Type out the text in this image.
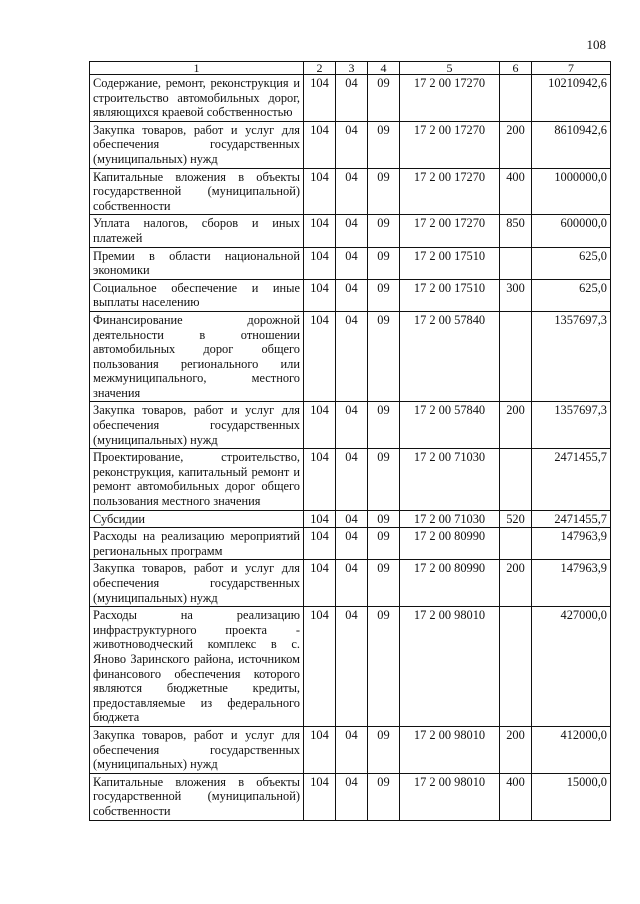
108
1	2	3	4	5	6	7
Содержание, ремонт, реконструкция и строительство автомобильных дорог, являющихся краевой собственностью	104	04	09	17 2 00 17270		10210942,6
Закупка товаров, работ и услуг для обеспечения государственных (муниципальных) нужд	104	04	09	17 2 00 17270	200	8610942,6
Капитальные вложения в объекты государственной (муниципальной) собственности	104	04	09	17 2 00 17270	400	1000000,0
Уплата налогов, сборов и иных платежей	104	04	09	17 2 00 17270	850	600000,0
Премии в области национальной экономики	104	04	09	17 2 00 17510		625,0
Социальное обеспечение и иные выплаты населению	104	04	09	17 2 00 17510	300	625,0
Финансирование дорожной деятельности в отношении автомобильных дорог общего пользования регионального или межмуниципального, местного значения	104	04	09	17 2 00 57840		1357697,3
Закупка товаров, работ и услуг для обеспечения государственных (муниципальных) нужд	104	04	09	17 2 00 57840	200	1357697,3
Проектирование, строительство, реконструкция, капитальный ремонт и ремонт автомобильных дорог общего пользования местного значения	104	04	09	17 2 00 71030		2471455,7
Субсидии	104	04	09	17 2 00 71030	520	2471455,7
Расходы на реализацию мероприятий региональных программ	104	04	09	17 2 00 80990		147963,9
Закупка товаров, работ и услуг для обеспечения государственных (муниципальных) нужд	104	04	09	17 2 00 80990	200	147963,9
Расходы на реализацию инфраструктурного проекта - животноводческий комплекс в с. Яново Заринского района, источником финансового обеспечения которого являются бюджетные кредиты, предоставляемые из федерального бюджета	104	04	09	17 2 00 98010		427000,0
Закупка товаров, работ и услуг для обеспечения государственных (муниципальных) нужд	104	04	09	17 2 00 98010	200	412000,0
Капитальные вложения в объекты государственной (муниципальной) собственности	104	04	09	17 2 00 98010	400	15000,0
